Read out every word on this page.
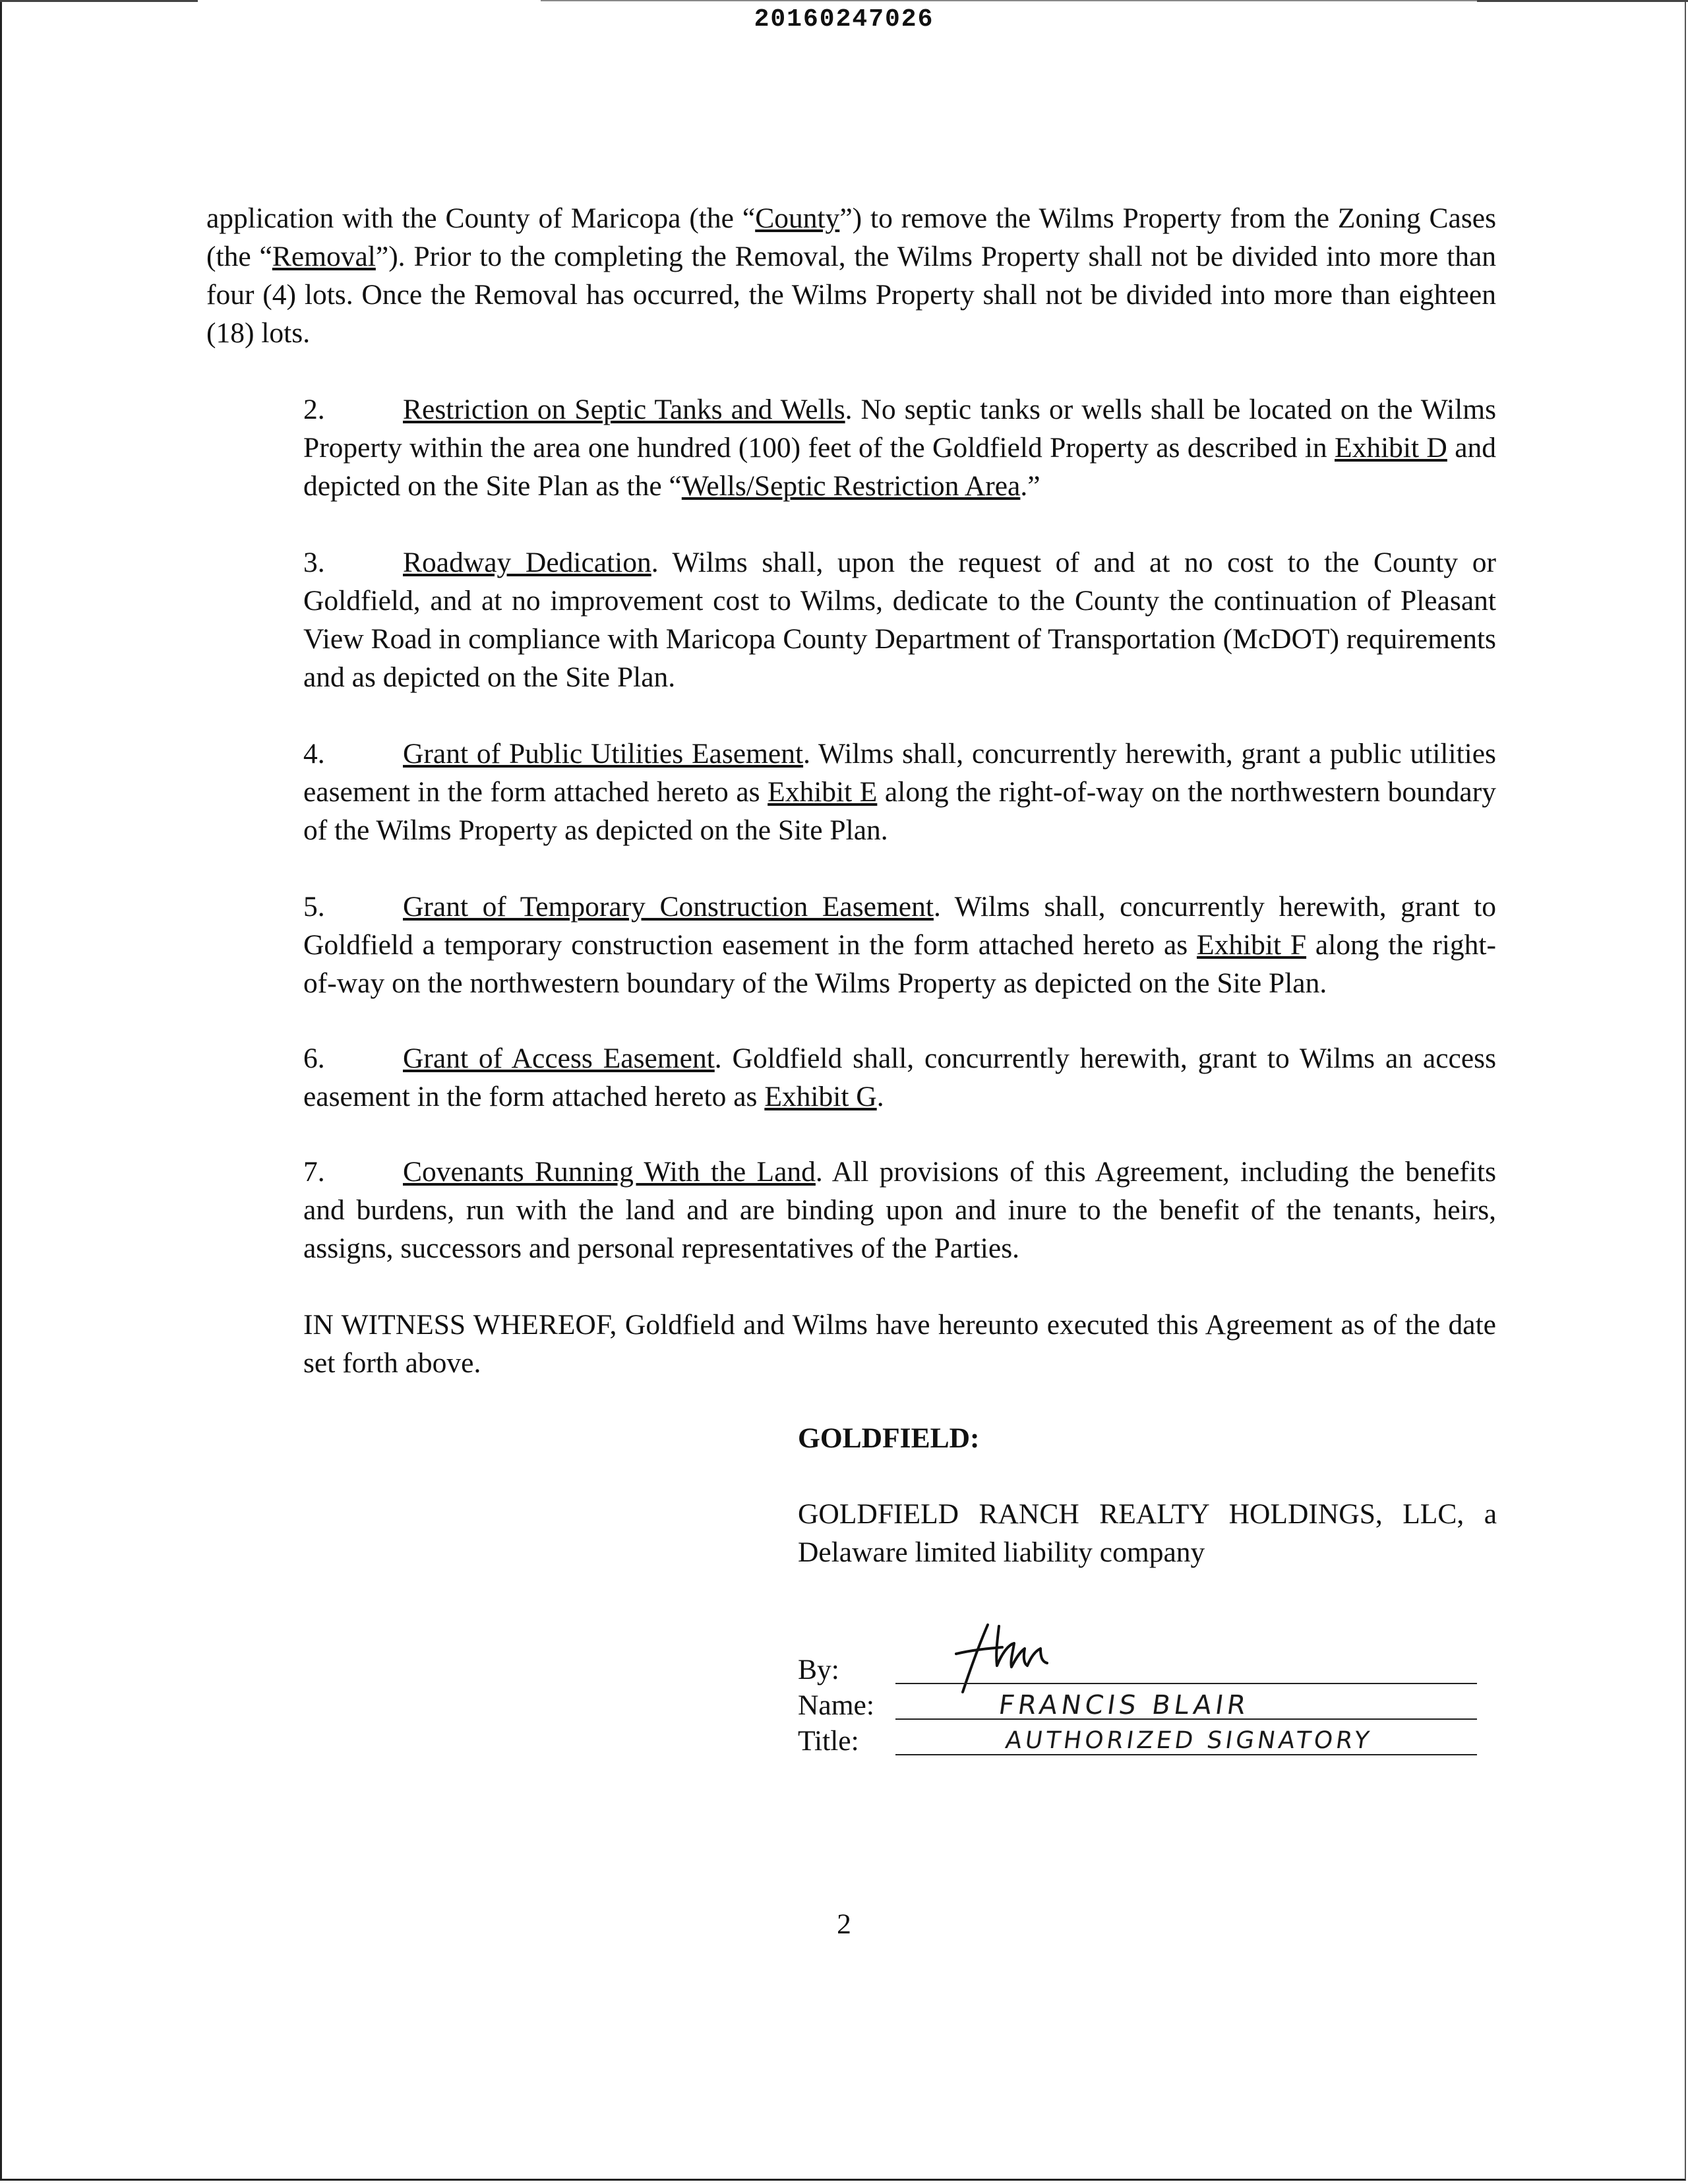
20160247026

application with the County of Maricopa (the “County”) to remove the Wilms Property from the Zoning Cases (the “Removal”). Prior to the completing the Removal, the Wilms Property shall not be divided into more than four (4) lots. Once the Removal has occurred, the Wilms Property shall not be divided into more than eighteen (18) lots.

2.	Restriction on Septic Tanks and Wells. No septic tanks or wells shall be located on the Wilms Property within the area one hundred (100) feet of the Goldfield Property as described in Exhibit D and depicted on the Site Plan as the “Wells/Septic Restriction Area.”

3.	Roadway Dedication. Wilms shall, upon the request of and at no cost to the County or Goldfield, and at no improvement cost to Wilms, dedicate to the County the continuation of Pleasant View Road in compliance with Maricopa County Department of Transportation (McDOT) requirements and as depicted on the Site Plan.

4.	Grant of Public Utilities Easement. Wilms shall, concurrently herewith, grant a public utilities easement in the form attached hereto as Exhibit E along the right-of-way on the northwestern boundary of the Wilms Property as depicted on the Site Plan.

5.	Grant of Temporary Construction Easement. Wilms shall, concurrently herewith, grant to Goldfield a temporary construction easement in the form attached hereto as Exhibit F along the right-of-way on the northwestern boundary of the Wilms Property as depicted on the Site Plan.

6.	Grant of Access Easement. Goldfield shall, concurrently herewith, grant to Wilms an access easement in the form attached hereto as Exhibit G.

7.	Covenants Running With the Land. All provisions of this Agreement, including the benefits and burdens, run with the land and are binding upon and inure to the benefit of the tenants, heirs, assigns, successors and personal representatives of the Parties.

IN WITNESS WHEREOF, Goldfield and Wilms have hereunto executed this Agreement as of the date set forth above.

GOLDFIELD:
GOLDFIELD RANCH REALTY HOLDINGS, LLC, a Delaware limited liability company
By:
Name:	FRANCIS BLAIR
Title:	AUTHORIZED SIGNATORY
2
